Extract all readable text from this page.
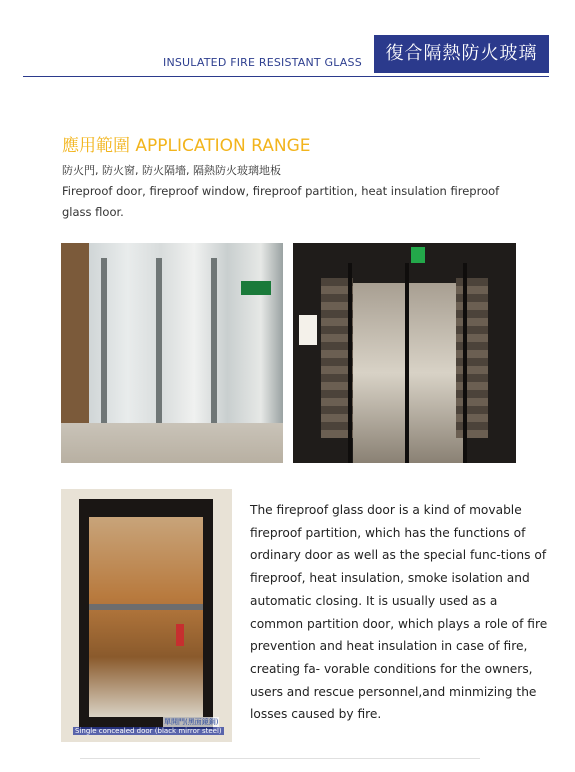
INSULATED FIRE RESISTANT GLASS	復合隔熱防火玻璃
應用範圍 APPLICATION RANGE
防火門, 防火窗, 防火隔墻, 隔熱防火玻璃地板
Fireproof door, fireproof window, fireproof partition, heat insulation fireproof glass floor.
單開門(黑面鏡鋼)
Single concealed door (black mirror steel)
The fireproof glass door is a kind of movable fireproof partition, which has the functions of ordinary door as well as the special func-tions of fireproof, heat insulation, smoke isolation and automatic closing. It is usually used as a common partition door, which plays a role of fire prevention and heat insulation in case of fire, creating fa- vorable conditions for the owners, users and rescue personnel,and minmizing the losses caused by fire.
